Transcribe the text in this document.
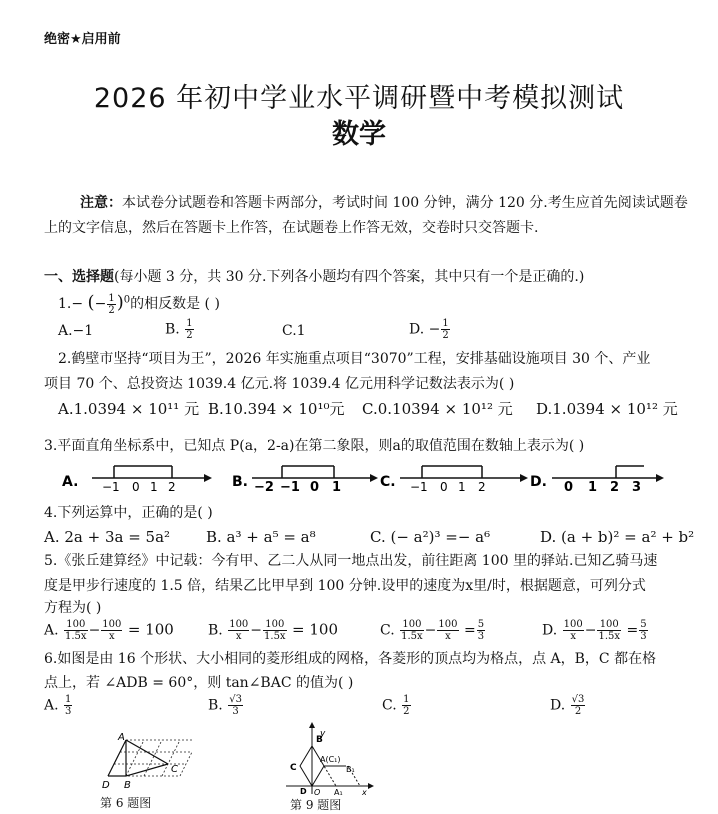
绝密★启用前
2026 年初中学业水平调研暨中考模拟测试
数学
注意：本试卷分试题卷和答题卡两部分，考试时间 100 分钟，满分 120 分.考生应首先阅读试题卷上的文字信息，然后在答题卡上作答，在试题卷上作答无效，交卷时只交答题卡.
一、选择题(每小题 3 分，共 30 分.下列各小题均有四个答案，其中只有一个是正确的.)
1.− (− $\frac{1}{2} )^0$的相反数是 ( )
A.−1	B. $\frac{1}{2}$	C.1	D. − $\frac{1}{2}$
2.鹤壁市坚持“项目为王”，2026 年实施重点项目“3070”工程，安排基础设施项目 30 个、产业
项目 70 个、总投资达 1039.4 亿元.将 1039.4 亿元用科学记数法表示为( )
A.1.0394 × 10¹¹ 元 B.10.394 × 10¹⁰元 C.0.10394 × 10¹² 元 D.1.0394 × 10¹² 元
3.平面直角坐标系中，已知点 P(a，2-a)在第二象限，则a的取值范围在数轴上表示为( )
A. −1 0 1 2	B. −2 −1 0 1	C. −1 0 1 2	D. 0 1 2 3
4.下列运算中，正确的是( )
A. 2a + 3a = 5a² B. a³ + a⁵ = a⁸	C. (− a²)³ =− a⁶	D. (a + b)² = a² + b²
5.《张丘建算经》中记载：今有甲、乙二人从同一地点出发，前往距离 100 里的驿站.已知乙骑马速
度是甲步行速度的 1.5 倍，结果乙比甲早到 100 分钟.设甲的速度为x里/时，根据题意，可列分式
方程为( )
A. $\frac{100}{1.5x} - \frac{100}{x} = 100$ B. $\frac{100}{x} - \frac{100}{1.5x} = 100$	C. $\frac{100}{1.5x} - \frac{100}{x} = \frac{5}{3}$	D. $\frac{100}{x} - \frac{100}{1.5x} = \frac{5}{3}$
6.如图是由 16 个形状、大小相同的菱形组成的网格，各菱形的顶点均为格点，点 A，B，C 都在格
点上，若 ∠ADB = 60°，则 tan∠BAC 的值为( )
A. $\frac{1}{3}$	B. $\frac{√3}{3}$	C. $\frac{1}{2}$	D. $\frac{√3}{2}$
A
B
C
D
第 6 题图
B
y
A(C₁)
B₁
C
D O A₁ x
第 9 题图
